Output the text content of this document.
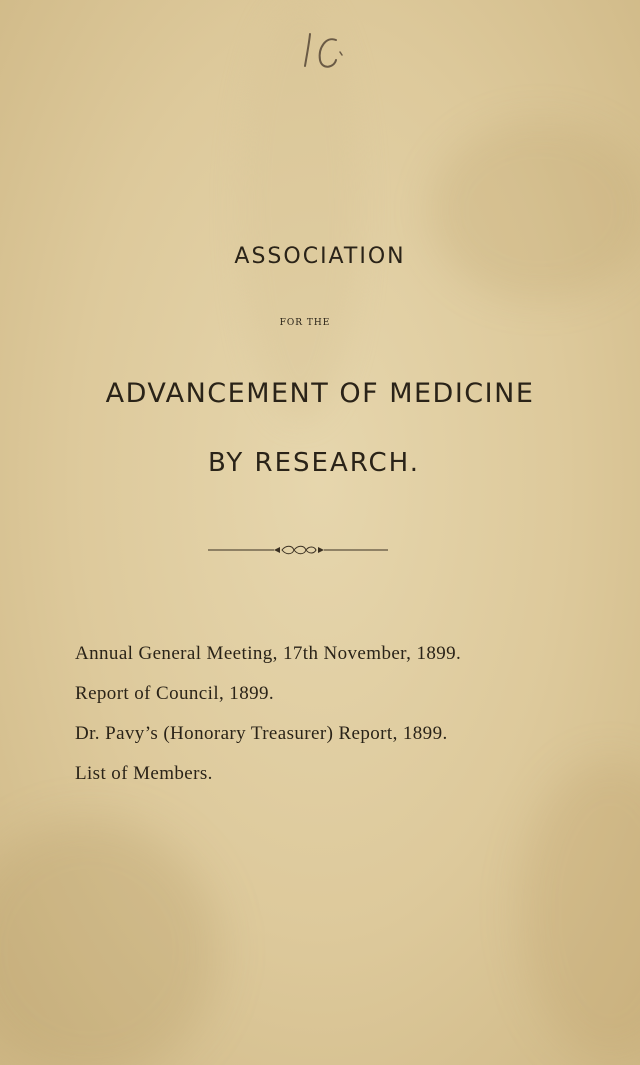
ASSOCIATION
FOR THE
ADVANCEMENT OF MEDICINE
BY RESEARCH.
Annual General Meeting, 17th November, 1899.
Report of Council, 1899.
Dr. Pavy’s (Honorary Treasurer) Report, 1899.
List of Members.
